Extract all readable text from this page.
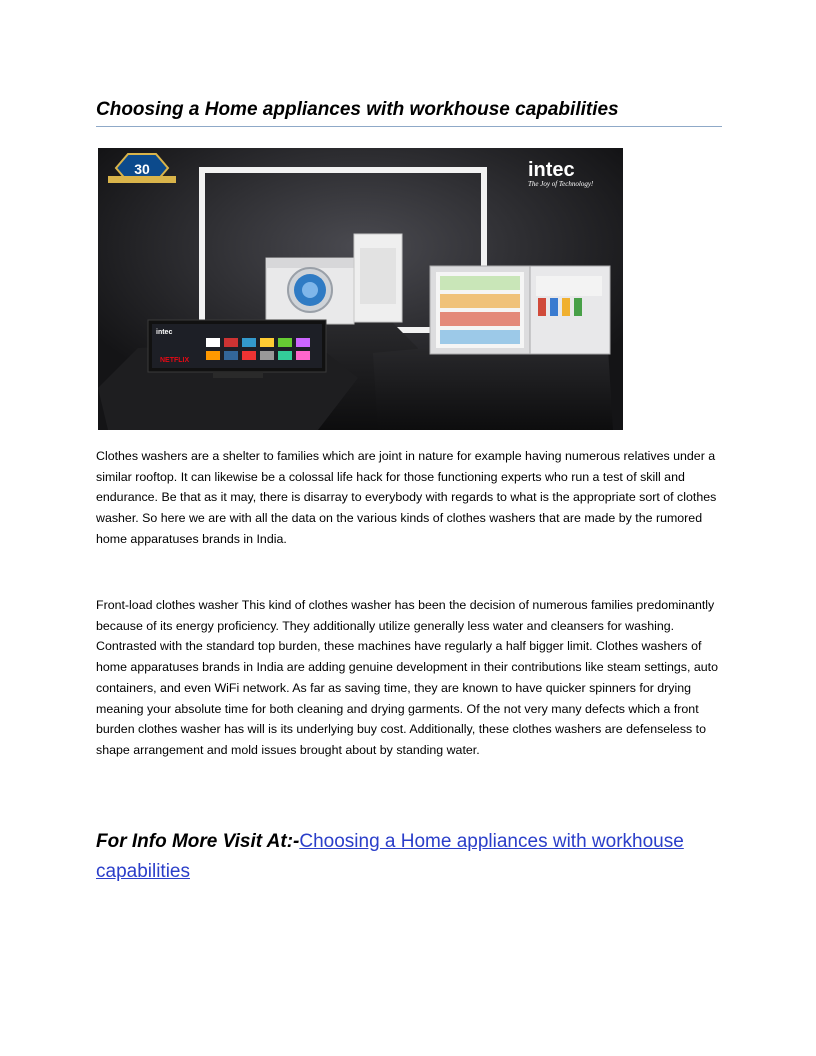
Choosing a Home appliances with workhouse capabilities
intec
NETFLIX
30	intec
The Joy of Technology!

Clothes washers are a shelter to families which are joint in nature for example having numerous relatives under a similar rooftop. It can likewise be a colossal life hack for those functioning experts who run a test of skill and endurance. Be that as it may, there is disarray to everybody with regards to what is the appropriate sort of clothes washer. So here we are with all the data on the various kinds of clothes washers that are made by the rumored home apparatuses brands in India.

Front-load clothes washer This kind of clothes washer has been the decision of numerous families predominantly because of its energy proficiency. They additionally utilize generally less water and cleansers for washing. Contrasted with the standard top burden, these machines have regularly a half bigger limit. Clothes washers of home apparatuses brands in India are adding genuine development in their contributions like steam settings, auto containers, and even WiFi network. As far as saving time, they are known to have quicker spinners for drying meaning your absolute time for both cleaning and drying garments. Of the not very many defects which a front burden clothes washer has will is its underlying buy cost. Additionally, these clothes washers are defenseless to shape arrangement and mold issues brought about by standing water.

For Info More Visit At:-Choosing a Home appliances with workhouse capabilities
